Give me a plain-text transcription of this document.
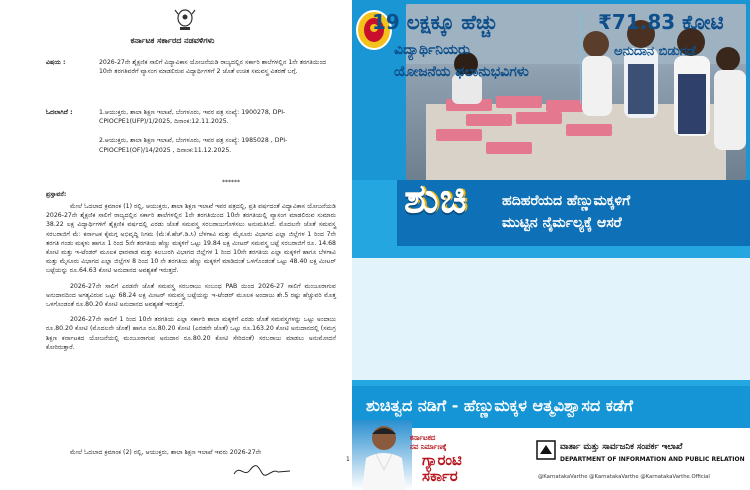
ಕರ್ನಾಟಕ ಸರ್ಕಾರದ ನಡವಳಿಗಳು
ವಿಷಯ :	2026-27ನೇ ಶೈಕ್ಷಣಿಕ ಸಾಲಿಗೆ ವಿದ್ಯಾವಿಕಾಸ ಯೋಜನೆಯಡಿ ರಾಜ್ಯದಲ್ಲಿನ ಸರ್ಕಾರಿ ಶಾಲೆಗಳಲ್ಲಿನ 1ನೇ ತರಗತಿಯಿಂದ 10ನೇ ತರಗತಿವರೆಗೆ ವ್ಯಾಸಂಗ ಮಾಡಲಿರುವ ವಿದ್ಯಾರ್ಥಿಗಳಿಗೆ 2 ಜೊತೆ ಉಚಿತ ಸಮವಸ್ತ್ರ ವಿತರಣೆ ಬಗ್ಗೆ.
ಓದಲಾಗಿದೆ :	1.ಆಯುಕ್ತರು, ಶಾಲಾ ಶಿಕ್ಷಣ ಇಲಾಖೆ, ಬೆಂಗಳೂರು, ಇವರ ಪತ್ರ ಸಂಖ್ಯೆ: 1900278, DPI-CPIOCPE1(UFP)/1/2025, ದಿನಾಂಕ:12.11.2025.

2.ಆಯುಕ್ತರು, ಶಾಲಾ ಶಿಕ್ಷಣ ಇಲಾಖೆ, ಬೆಂಗಳೂರು, ಇವರ ಪತ್ರ ಸಂಖ್ಯೆ: 1985028 , DPI-CPIOCPE1(OF)/14/2025 , ದಿನಾಂಕ:11.12.2025.

******
ಪ್ರಸ್ತಾವನೆ:

ಮೇಲೆ ಓದಲಾದ ಕ್ರಮಾಂಕ (1) ರಲ್ಲಿ, ಆಯುಕ್ತರು, ಶಾಲಾ ಶಿಕ್ಷಣ ಇಲಾಖೆ ಇವರ ಪತ್ರದಲ್ಲಿ, ಪ್ರತಿ ವರ್ಷದಂತೆ ವಿದ್ಯಾವಿಕಾಸ ಯೋಜನೆಯಡಿ 2026-27ನೇ ಶೈಕ್ಷಣಿಕ ಸಾಲಿಗೆ ರಾಜ್ಯದಲ್ಲಿನ ಸರ್ಕಾರಿ ಶಾಲೆಗಳಲ್ಲಿನ 1ನೇ ತರಗತಿಯಿಂದ 10ನೇ ತರಗತಿಯಲ್ಲಿ ವ್ಯಾಸಂಗ ಮಾಡಲಿರುವ ಸುಮಾರು 38.22 ಲಕ್ಷ ವಿದ್ಯಾರ್ಥಿಗಳಿಗೆ ಶೈಕ್ಷಣಿಕ ವರ್ಷದಲ್ಲಿ ಎರಡು ಜೊತೆ ಸಮವಸ್ತ್ರ ಸರಬರಾಜುಗೊಳಿಸಲು ಅನುಮತಿಸಿದೆ. ಮೊದಲನೇ ಜೊತೆ ಸಮವಸ್ತ್ರ ಸರಬರಾಜಿಗೆ ಮೆ: ಕರ್ನಾಟಕ ಕೈಮಗ್ಗ ಅಭಿವೃದ್ಧಿ ನಿಗಮ (ಮೆ:ಕೆ.ಹೆಚ್.ಡಿ.ಸಿ) ಬೆಳಗಾವಿ ಮತ್ತು ಮೈಸೂರು ವಿಭಾಗದ ಎಲ್ಲಾ ಜಿಲ್ಲೆಗಳ 1 ರಿಂದ 7ನೇ ತರಗತಿ ಗಂಡು ಮಕ್ಕಳು ಹಾಗೂ 1 ರಿಂದ 5ನೇ ತರಗತಿಯ ಹೆಣ್ಣು ಮಕ್ಕಳಿಗೆ ಒಟ್ಟು 19.84 ಲಕ್ಷ ಮೀಟರ್ ಸಮವಸ್ತ್ರ ಬಟ್ಟೆ ಸರಬರಾಜಿಗೆ ರೂ. 14.68 ಕೋಟಿ ಮತ್ತು ಇ-ಟೆಂಡರ್ ಮೂಲಕ ಧಾರವಾಡ ಮತ್ತು ಕಲಬುರಗಿ ವಿಭಾಗದ ಜಿಲ್ಲೆಗಳ 1 ರಿಂದ 10ನೇ ತರಗತಿಯ ಎಲ್ಲಾ ಮಕ್ಕಳಿಗೆ ಹಾಗೂ ಬೆಳಗಾವಿ ಮತ್ತು ಮೈಸೂರು ವಿಭಾಗದ ಎಲ್ಲಾ ಜಿಲ್ಲೆಗಳ 8 ರಿಂದ 10 ನೇ ತರಗತಿಯ ಹೆಣ್ಣು ಮಕ್ಕಳಿಗೆ ಮಾಡಿದಂತೆ ಒಳಗೊಂಡಂತೆ ಒಟ್ಟು 48.40 ಲಕ್ಷ ಮೀಟರ್ ಬಟ್ಟೆಯನ್ನು ರೂ.64.63 ಕೋಟಿ ಅನುದಾನದ ಅವಶ್ಯಕತೆ ಇರುತ್ತದೆ.

2026-27ನೇ ಸಾಲಿಗೆ ಎರಡನೇ ಜೊತೆ ಸಮವಸ್ತ್ರ ಸರಬರಾಜು ಸಂಬಂಧ PAB ಯಿಂದ 2026-27 ಸಾಲಿಗೆ ಮಂಜೂರಾಗುವ ಅನುದಾನದಿಂದ ಅಗತ್ಯವಿರುವ ಒಟ್ಟು 68.24 ಲಕ್ಷ ಮೀಟರ್ ಸಮವಸ್ತ್ರ ಬಟ್ಟೆಯನ್ನು ಇ-ಟೆಂಡರ್ ಮೂಲಕ ಅಂದಾಜು ಶೇ.5 ರಷ್ಟು ಹೆಚ್ಚುವರಿ ಮೊತ್ತ ಒಳಗೊಂಡಂತೆ ರೂ.80.20 ಕೋಟಿ ಅನುದಾನದ ಅವಶ್ಯಕತೆ ಇರುತ್ತದೆ.

2026-27ನೇ ಸಾಲಿಗೆ 1 ರಿಂದ 10ನೇ ತರಗತಿಯ ಎಲ್ಲಾ ಸರ್ಕಾರಿ ಶಾಲಾ ಮಕ್ಕಳಿಗೆ ಎರಡು ಜೊತೆ ಸಮವಸ್ತ್ರಗಳನ್ನು ಒಟ್ಟು ಅಂದಾಜು ರೂ.80.20 ಕೋಟಿ (ಮೊದಲನೇ ಜೊತೆ) ಹಾಗೂ ರೂ.80.20 ಕೋಟಿ (ಎರಡನೇ ಜೊತೆ) ಒಟ್ಟು ರೂ.163.20 ಕೋಟಿ ಅನುದಾನದಲ್ಲಿ (ಸಮಗ್ರ ಶಿಕ್ಷಣ ಕರ್ನಾಟಕದ ಯೋಜನೆಯಲ್ಲಿ ಮಂಜೂರಾಗುವ ಅನುದಾನ ರೂ.80.20 ಕೋಟಿ ಸೇರಿದಂತೆ) ಸರಬರಾಜು ಮಾಡಲು ಅನುಮೋದನೆ ಕೋರಿರುತ್ತಾರೆ.

ಮೇಲೆ ಓದಲಾದ ಕ್ರಮಾಂಕ (2) ರಲ್ಲಿ, ಆಯುಕ್ತರು, ಶಾಲಾ ಶಿಕ್ಷಣ ಇಲಾಖೆ ಇವರು 2026-27ನೇ
1
ಶುಚಿ ಹದಿಹರೆಯದ ಹೆಣ್ಣುಮಕ್ಕಳಿಗೆ
ಮುಟ್ಟಿನ ನೈರ್ಮಲ್ಯಕ್ಕೆ ಆಸರೆ
19 ಲಕ್ಷಕ್ಕೂ ಹೆಚ್ಚು
ವಿದ್ಯಾರ್ಥಿನಿಯರು
ಯೋಜನೆಯ ಫಲಾನುಭವಿಗಳು
₹71.83 ಕೋಟಿ
ಅನುದಾನ ಬಿಡುಗಡೆ
ಶುಚಿತ್ವದ ನಡಿಗೆ - ಹೆಣ್ಣುಮಕ್ಕಳ ಆತ್ಮವಿಶ್ವಾಸದ ಕಡೆಗೆ
ಕರ್ನಾಟಕದ
ನವ ನಿರ್ಮಾಣಕ್ಕೆ
ಗ್ಯಾರಂಟಿ
ಸರ್ಕಾರ
ವಾರ್ತಾ ಮತ್ತು ಸಾರ್ವಜನಿಕ ಸಂಪರ್ಕ ಇಲಾಖೆ
DEPARTMENT OF INFORMATION AND PUBLIC RELATION
@KarnatakaVarthe @KarnatakaVarthe @KarnatakaVarthe.Official
